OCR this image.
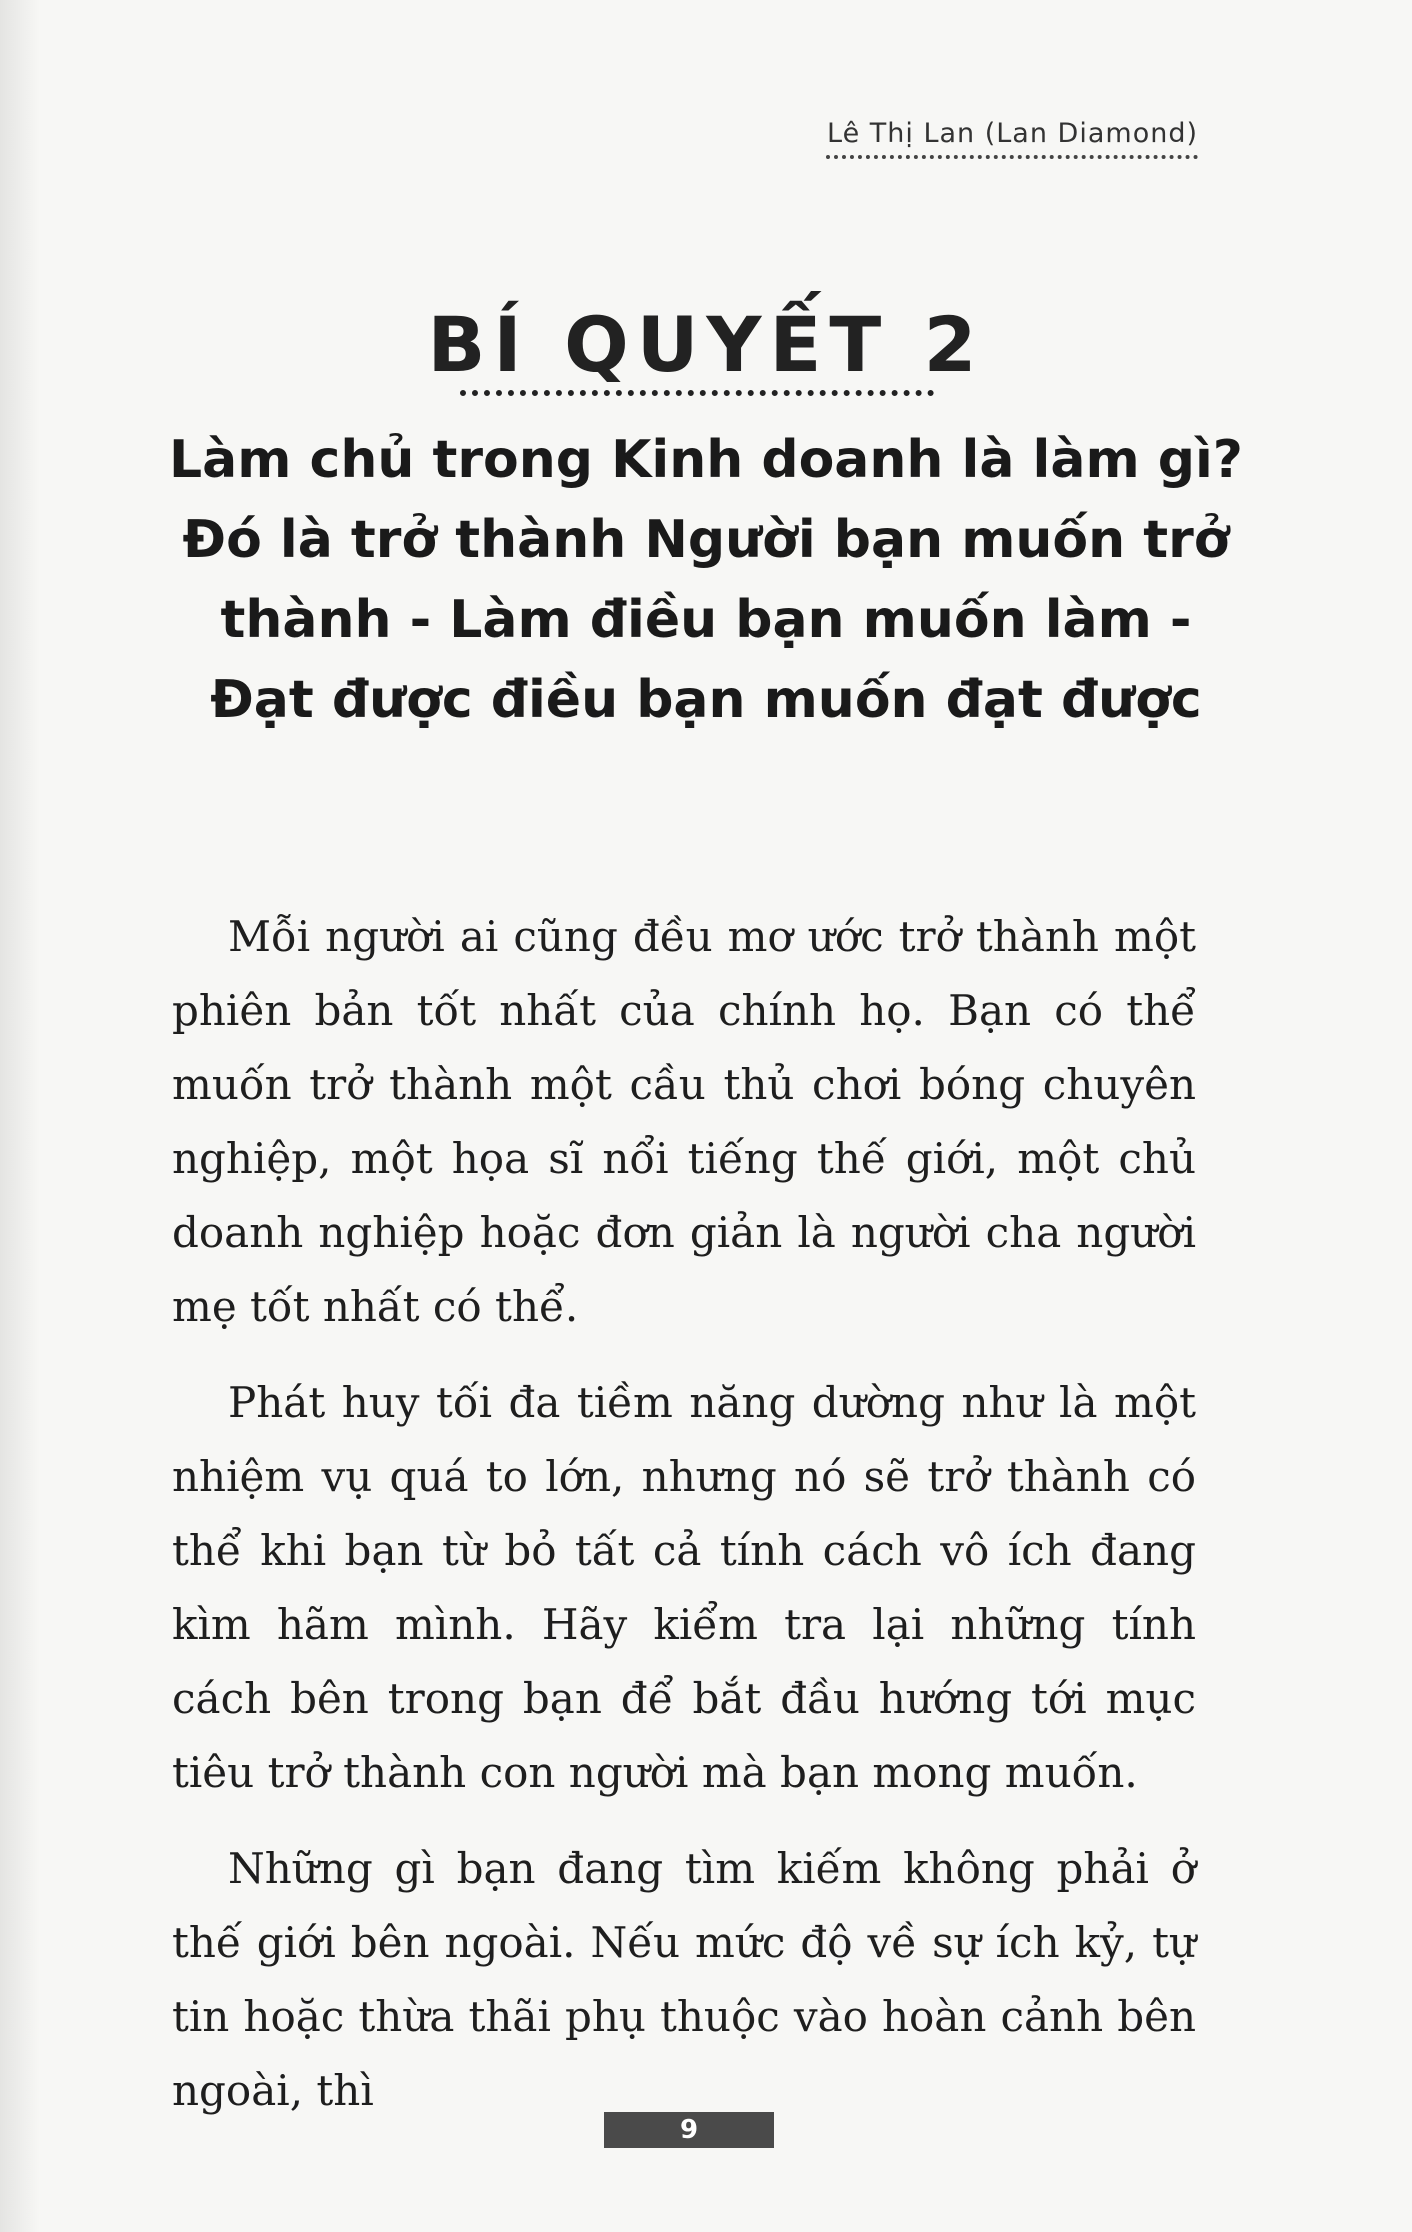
Lê Thị Lan (Lan Diamond)
BÍ QUYẾT 2
Làm chủ trong Kinh doanh là làm gì? Đó là trở thành Người bạn muốn trở thành - Làm điều bạn muốn làm - Đạt được điều bạn muốn đạt được

Mỗi người ai cũng đều mơ ước trở thành một phiên bản tốt nhất của chính họ. Bạn có thể muốn trở thành một cầu thủ chơi bóng chuyên nghiệp, một họa sĩ nổi tiếng thế giới, một chủ doanh nghiệp hoặc đơn giản là người cha người mẹ tốt nhất có thể.

Phát huy tối đa tiềm năng dường như là một nhiệm vụ quá to lớn, nhưng nó sẽ trở thành có thể khi bạn từ bỏ tất cả tính cách vô ích đang kìm hãm mình. Hãy kiểm tra lại những tính cách bên trong bạn để bắt đầu hướng tới mục tiêu trở thành con người mà bạn mong muốn.

Những gì bạn đang tìm kiếm không phải ở thế giới bên ngoài. Nếu mức độ về sự ích kỷ, tự tin hoặc thừa thãi phụ thuộc vào hoàn cảnh bên ngoài, thì

9
